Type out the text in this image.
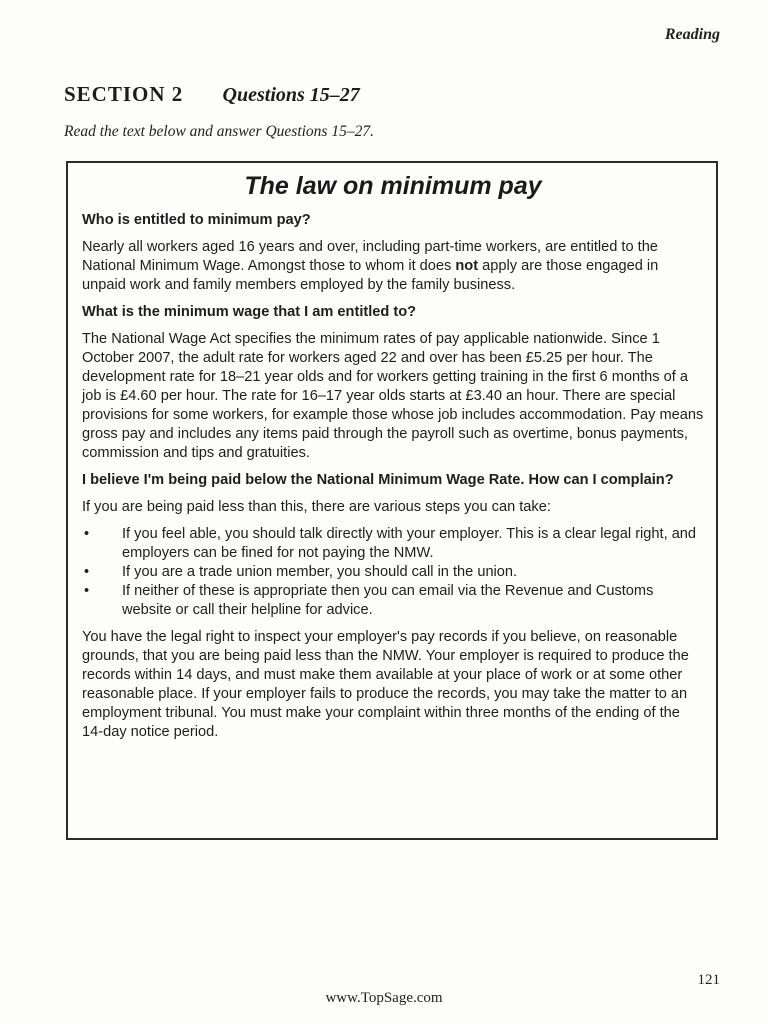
Reading
SECTION 2 Questions 15–27
Read the text below and answer Questions 15–27.
The law on minimum pay
Who is entitled to minimum pay?

Nearly all workers aged 16 years and over, including part-time workers, are entitled to the National Minimum Wage. Amongst those to whom it does not apply are those engaged in unpaid work and family members employed by the family business.

What is the minimum wage that I am entitled to?

The National Wage Act specifies the minimum rates of pay applicable nationwide. Since 1 October 2007, the adult rate for workers aged 22 and over has been £5.25 per hour. The development rate for 18–21 year olds and for workers getting training in the first 6 months of a job is £4.60 per hour. The rate for 16–17 year olds starts at £3.40 an hour. There are special provisions for some workers, for example those whose job includes accommodation. Pay means gross pay and includes any items paid through the payroll such as overtime, bonus payments, commission and tips and gratuities.

I believe I'm being paid below the National Minimum Wage Rate. How can I complain?

If you are being paid less than this, there are various steps you can take:

• If you feel able, you should talk directly with your employer. This is a clear legal right, and employers can be fined for not paying the NMW.
• If you are a trade union member, you should call in the union.
• If neither of these is appropriate then you can email via the Revenue and Customs website or call their helpline for advice.

You have the legal right to inspect your employer's pay records if you believe, on reasonable grounds, that you are being paid less than the NMW. Your employer is required to produce the records within 14 days, and must make them available at your place of work or at some other reasonable place. If your employer fails to produce the records, you may take the matter to an employment tribunal. You must make your complaint within three months of the ending of the 14-day notice period.

121
www.TopSage.com
